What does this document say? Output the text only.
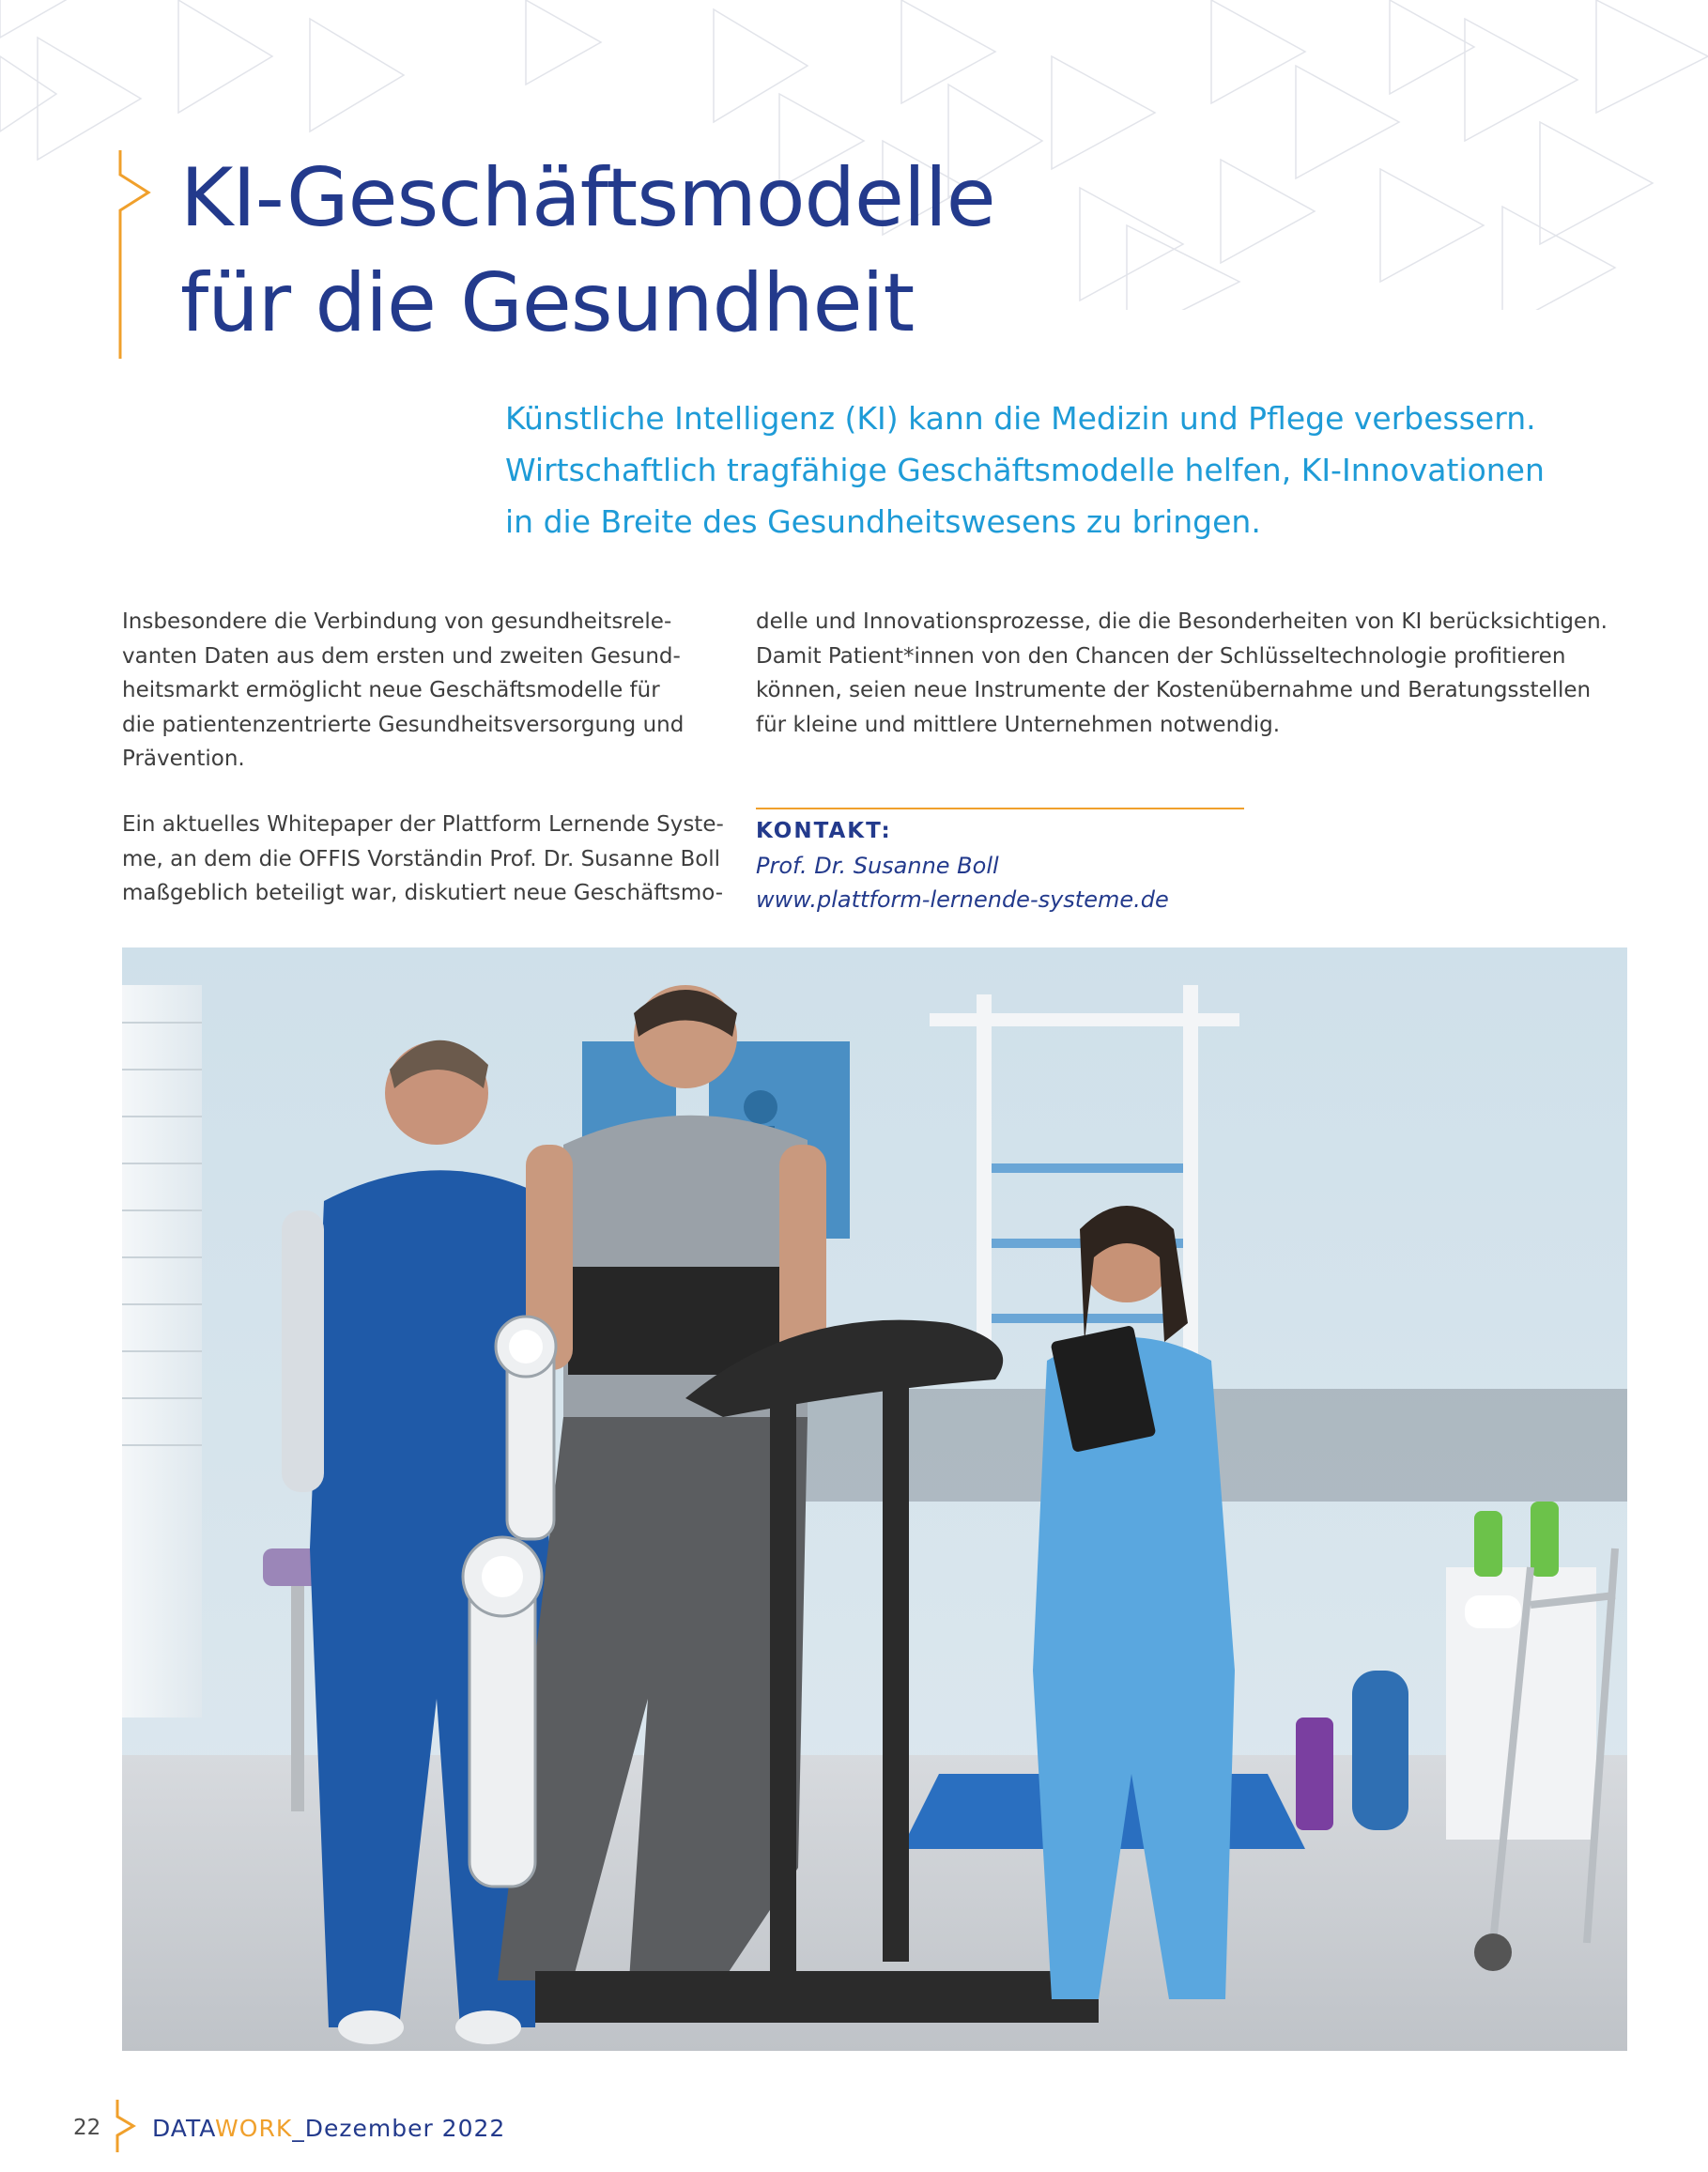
KI-Geschäftsmodelle
für die Gesundheit

Künstliche Intelligenz (KI) kann die Medizin und Pflege verbessern.
Wirtschaftlich tragfähige Geschäftsmodelle helfen, KI-Innovationen
in die Breite des Gesundheitswesens zu bringen.

Insbesondere die Verbindung von gesundheitsrele-
vanten Daten aus dem ersten und zweiten Gesund-
heitsmarkt ermöglicht neue Geschäftsmodelle für
die patientenzentrierte Gesundheitsversorgung und
Prävention.

Ein aktuelles Whitepaper der Plattform Lernende Syste-
me, an dem die OFFIS Vorständin Prof. Dr. Susanne Boll
maßgeblich beteiligt war, diskutiert neue Geschäftsmo-

delle und Innovationsprozesse, die die Besonderheiten von KI berücksichtigen.
Damit Patient*innen von den Chancen der Schlüsseltechnologie profitieren
können, seien neue Instrumente der Kostenübernahme und Beratungsstellen
für kleine und mittlere Unternehmen notwendig.

KONTAKT:
Prof. Dr. Susanne Boll
www.plattform-lernende-systeme.de
22 DATAWORK_Dezember 2022
